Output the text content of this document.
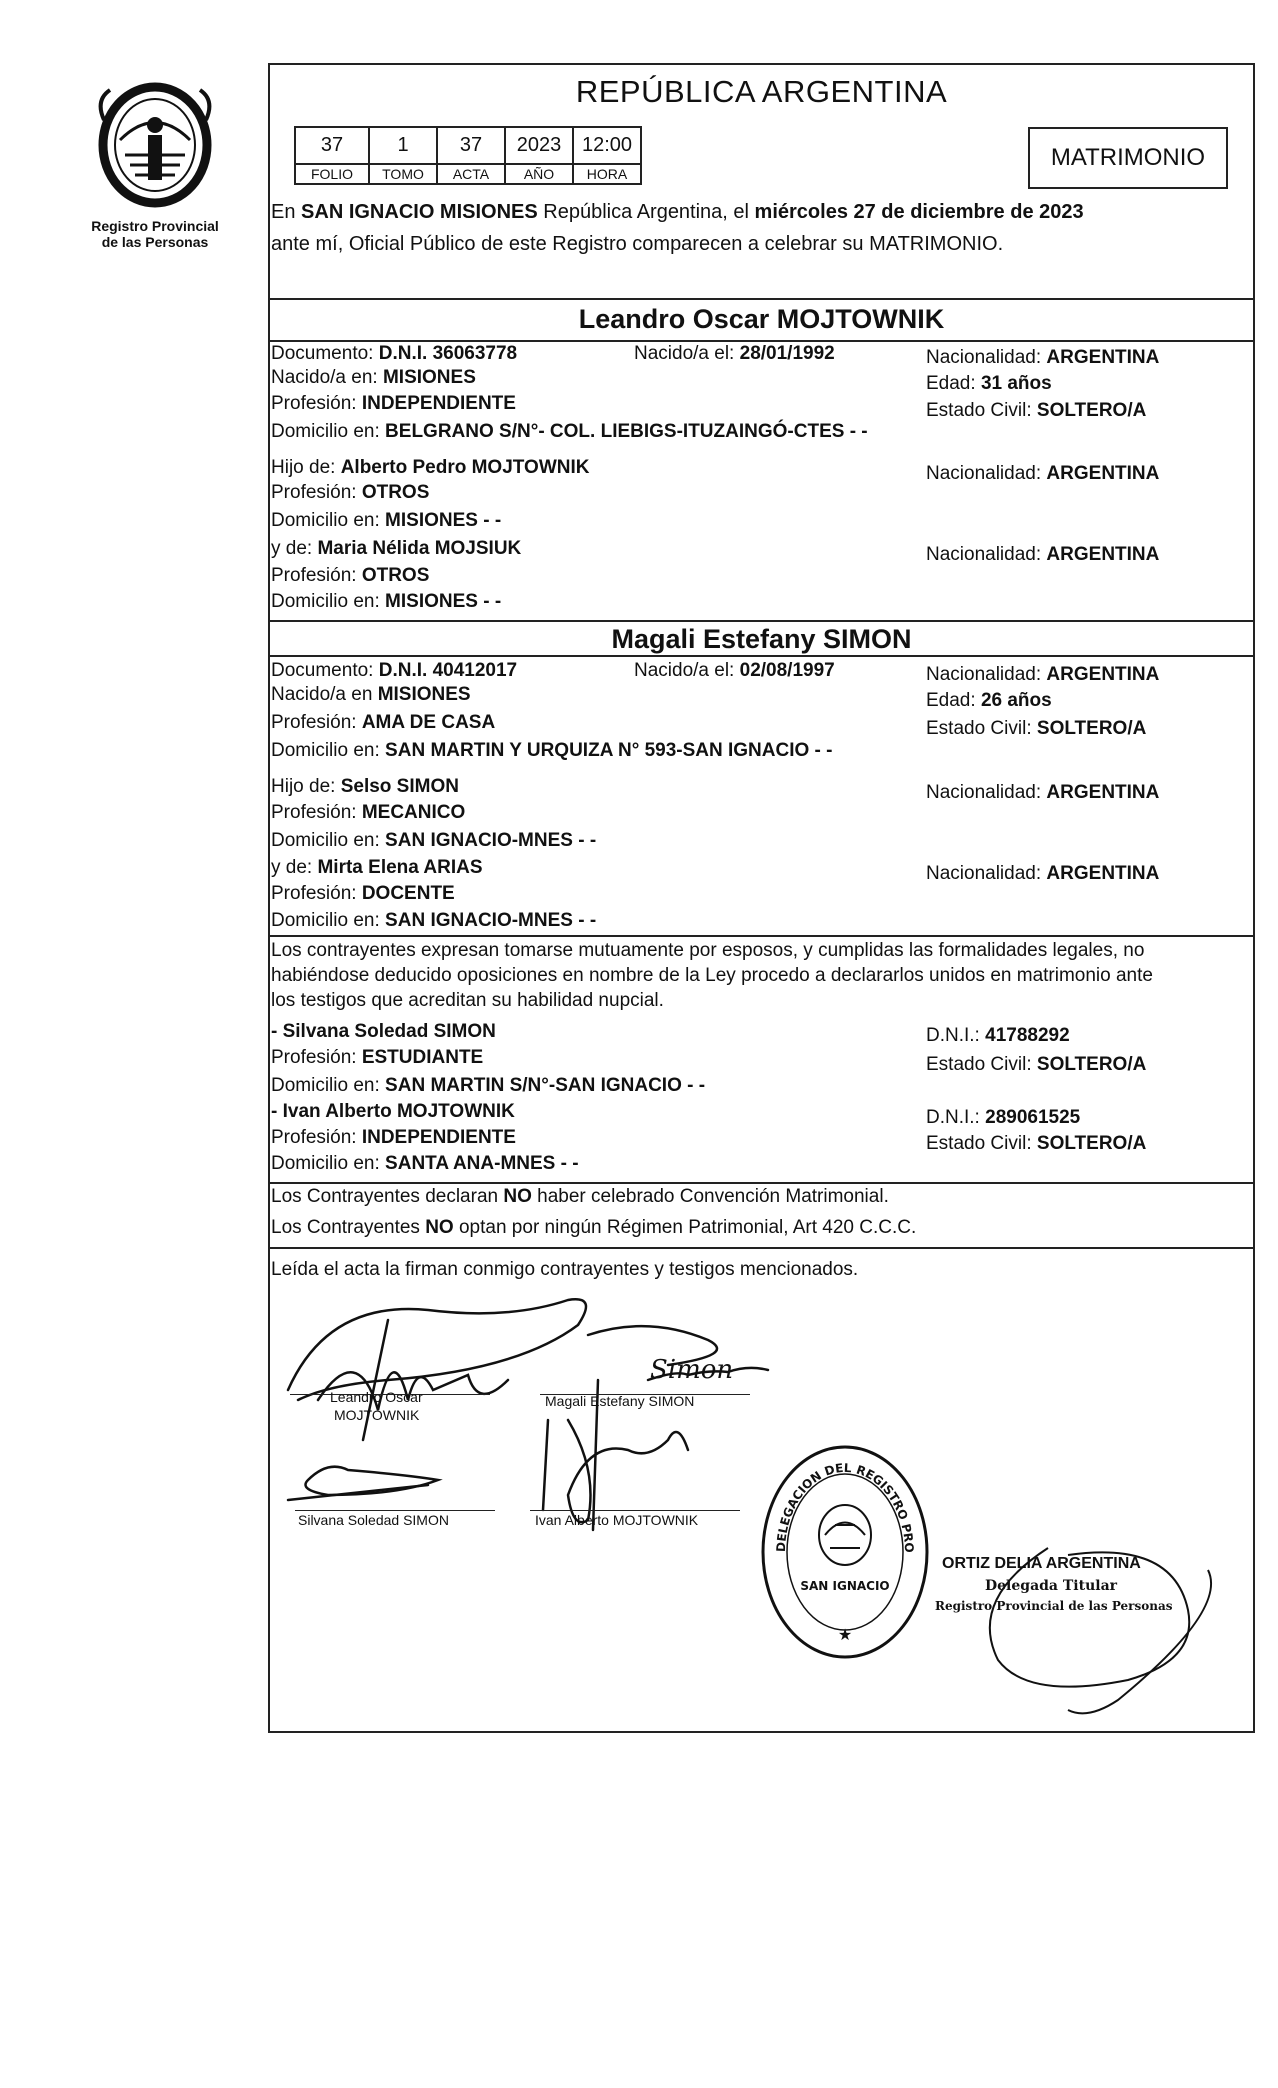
Registro Provincial
de las Personas
REPÚBLICA ARGENTINA
37	1	37	2023	12:00
FOLIO	TOMO	ACTA	AÑO	HORA
MATRIMONIO
En SAN IGNACIO MISIONES República Argentina, el miércoles 27 de diciembre de 2023
ante mí, Oficial Público de este Registro comparecen a celebrar su MATRIMONIO.
Leandro Oscar MOJTOWNIK
Documento: D.N.I. 36063778	Nacido/a el: 28/01/1992	Nacionalidad: ARGENTINA
Nacido/a en: MISIONES	Edad: 31 años
Profesión: INDEPENDIENTE	Estado Civil: SOLTERO/A
Domicilio en: BELGRANO S/N°- COL. LIEBIGS-ITUZAINGÓ-CTES - -
Hijo de: Alberto Pedro MOJTOWNIK	Nacionalidad: ARGENTINA
Profesión: OTROS
Domicilio en: MISIONES - -
y de: Maria Nélida MOJSIUK	Nacionalidad: ARGENTINA
Profesión: OTROS
Domicilio en: MISIONES - -
Magali Estefany SIMON
Documento: D.N.I. 40412017	Nacido/a el: 02/08/1997	Nacionalidad: ARGENTINA
Nacido/a en MISIONES	Edad: 26 años
Profesión: AMA DE CASA	Estado Civil: SOLTERO/A
Domicilio en: SAN MARTIN Y URQUIZA N° 593-SAN IGNACIO - -
Hijo de: Selso SIMON	Nacionalidad: ARGENTINA
Profesión: MECANICO
Domicilio en: SAN IGNACIO-MNES - -
y de: Mirta Elena ARIAS	Nacionalidad: ARGENTINA
Profesión: DOCENTE
Domicilio en: SAN IGNACIO-MNES - -
Los contrayentes expresan tomarse mutuamente por esposos, y cumplidas las formalidades legales, no
habiéndose deducido oposiciones en nombre de la Ley procedo a declararlos unidos en matrimonio ante
los testigos que acreditan su habilidad nupcial.
- Silvana Soledad SIMON	D.N.I.: 41788292
Profesión: ESTUDIANTE	Estado Civil: SOLTERO/A
Domicilio en: SAN MARTIN S/N°-SAN IGNACIO - -
- Ivan Alberto MOJTOWNIK	D.N.I.: 289061525
Profesión: INDEPENDIENTE	Estado Civil: SOLTERO/A
Domicilio en: SANTA ANA-MNES - -
Los Contrayentes declaran NO haber celebrado Convención Matrimonial.
Los Contrayentes NO optan por ningún Régimen Patrimonial, Art 420 C.C.C.
Leída el acta la firman conmigo contrayentes y testigos mencionados.
Simon
Leandro Oscar
MOJTOWNIK
Magali Estefany SIMON
Silvana Soledad SIMON	Ivan Alberto MOJTOWNIK
DELEGACION DEL REGISTRO PRO
SAN IGNACIO
★
ORTIZ DELIA ARGENTINA
Delegada Titular
Registro Provincial de las Personas
